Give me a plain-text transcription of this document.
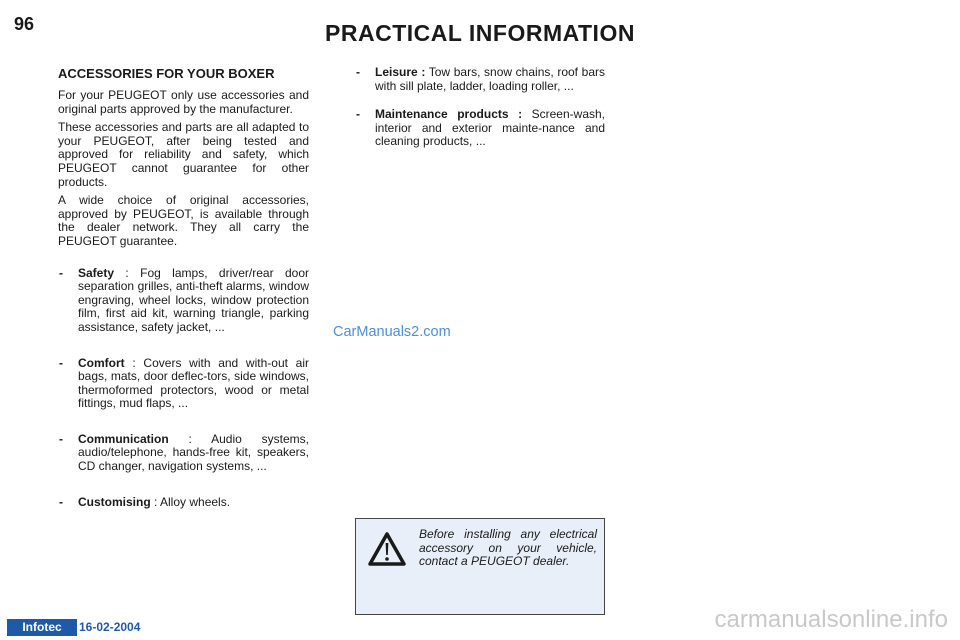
96	PRACTICAL INFORMATION
ACCESSORIES FOR YOUR BOXER

For your PEUGEOT only use accessories and original parts approved by the manufacturer.

These accessories and parts are all adapted to your PEUGEOT, after being tested and approved for reliability and safety, which PEUGEOT cannot guarantee for other products.

A wide choice of original accessories, approved by PEUGEOT, is available through the dealer network. They all carry the PEUGEOT guarantee.

- Safety : Fog lamps, driver/rear door separation grilles, anti-theft alarms, window engraving, wheel locks, window protection film, first aid kit, warning triangle, parking assistance, safety jacket, ...
- Comfort : Covers with and with-out air bags, mats, door deflec-tors, side windows, thermoformed protectors, wood or metal fittings, mud flaps, ...
- Communication : Audio systems, audio/telephone, hands-free kit, speakers, CD changer, navigation systems, ...
- Customising : Alloy wheels.
- Leisure : Tow bars, snow chains, roof bars with sill plate, ladder, loading roller, ...
- Maintenance products : Screen-wash, interior and exterior mainte-nance and cleaning products, ...
CarManuals2.com
Before installing any electrical accessory on your vehicle, contact a PEUGEOT dealer.
Infotec	16-02-2004	carmanualsonline.info
